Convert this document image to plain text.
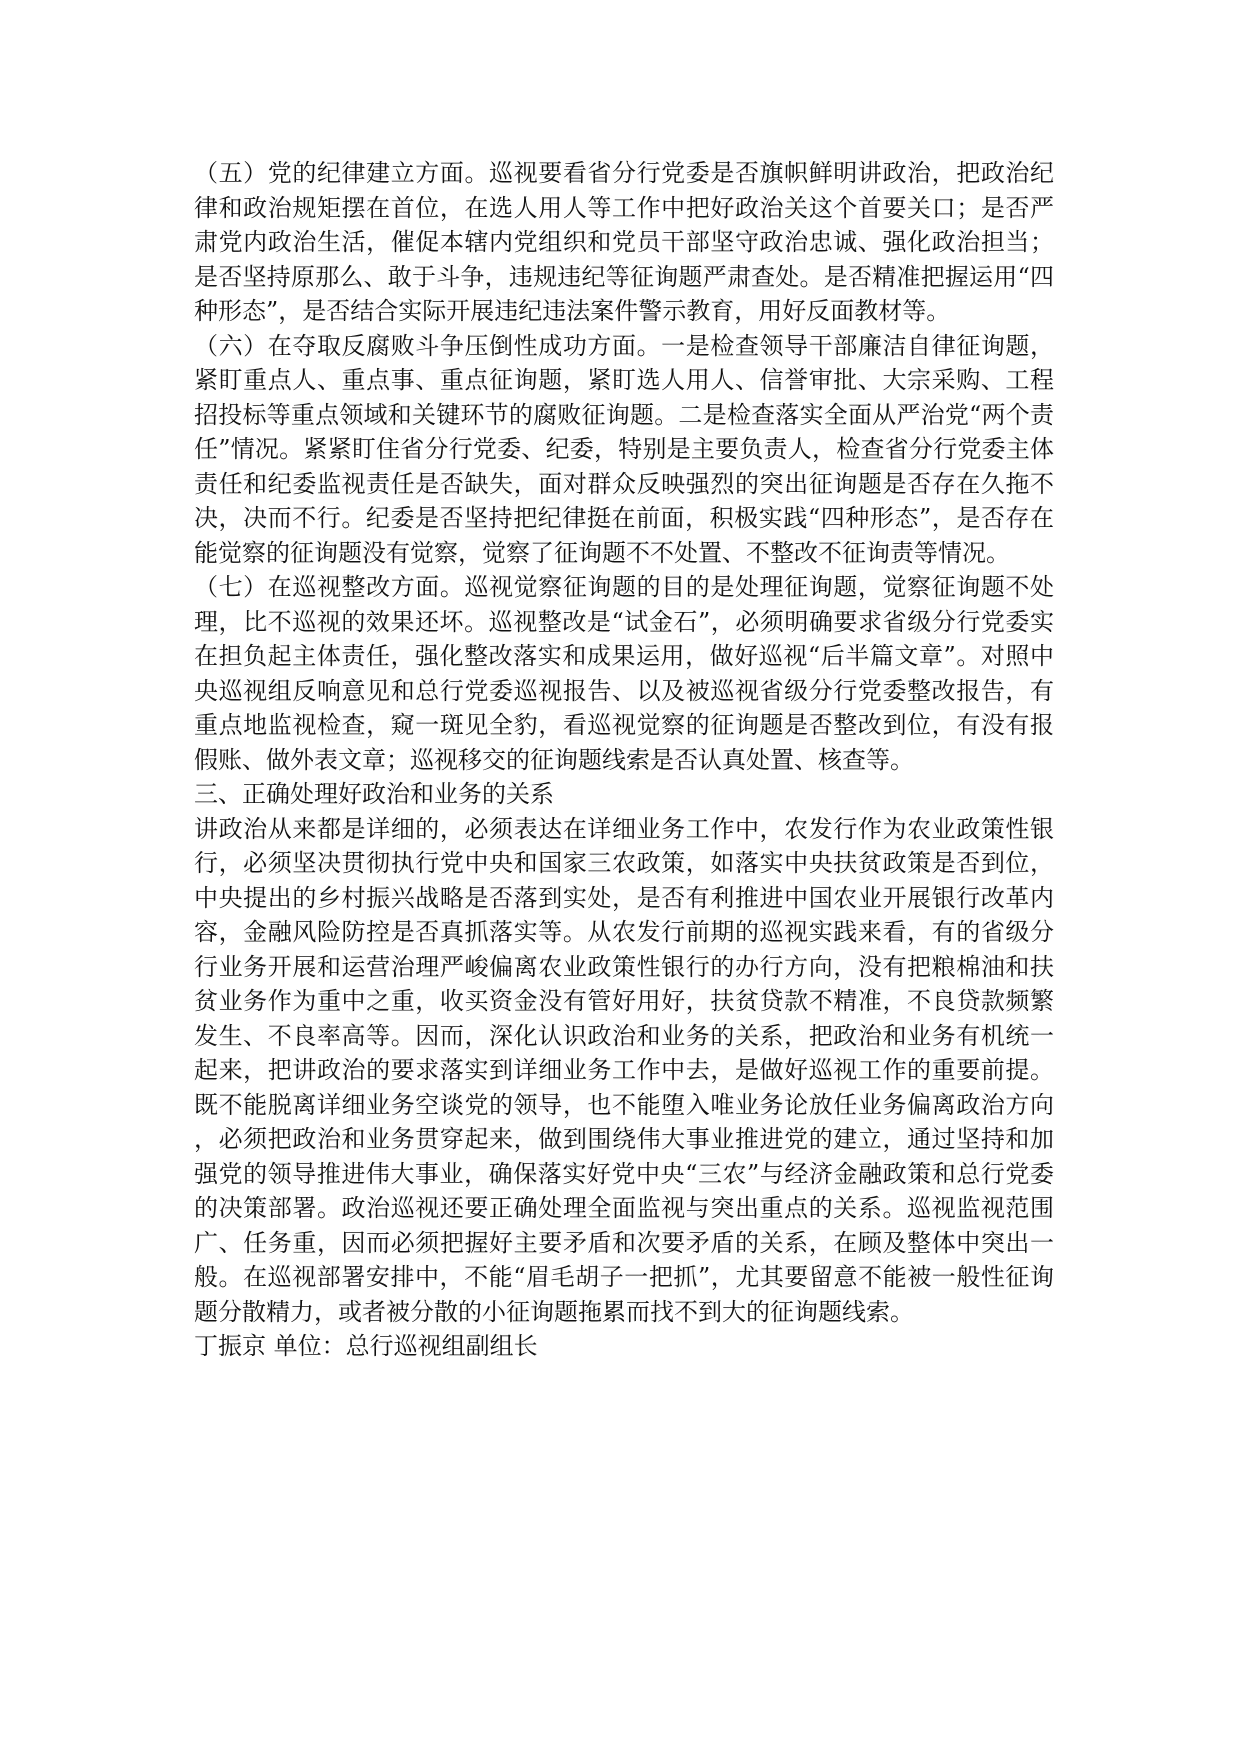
（五）党的纪律建立方面。巡视要看省分行党委是否旗帜鲜明讲政治，把政治纪律和政治规矩摆在首位，在选人用人等工作中把好政治关这个首要关口；是否严肃党内政治生活，催促本辖内党组织和党员干部坚守政治忠诚、强化政治担当；是否坚持原那么、敢于斗争，违规违纪等征询题严肃查处。是否精准把握运用“四种形态”，是否结合实际开展违纪违法案件警示教育，用好反面教材等。

（六）在夺取反腐败斗争压倒性成功方面。一是检查领导干部廉洁自律征询题，紧盯重点人、重点事、重点征询题，紧盯选人用人、信誉审批、大宗采购、工程招投标等重点领域和关键环节的腐败征询题。二是检查落实全面从严治党“两个责任”情况。紧紧盯住省分行党委、纪委，特别是主要负责人，检查省分行党委主体责任和纪委监视责任是否缺失，面对群众反映强烈的突出征询题是否存在久拖不决，决而不行。纪委是否坚持把纪律挺在前面，积极实践“四种形态”，是否存在能觉察的征询题没有觉察，觉察了征询题不不处置、不整改不征询责等情况。

（七）在巡视整改方面。巡视觉察征询题的目的是处理征询题，觉察征询题不处理，比不巡视的效果还坏。巡视整改是“试金石”，必须明确要求省级分行党委实在担负起主体责任，强化整改落实和成果运用，做好巡视“后半篇文章”。对照中央巡视组反响意见和总行党委巡视报告、以及被巡视省级分行党委整改报告，有重点地监视检查，窥一斑见全豹，看巡视觉察的征询题是否整改到位，有没有报假账、做外表文章；巡视移交的征询题线索是否认真处置、核查等。

三、正确处理好政治和业务的关系

讲政治从来都是详细的，必须表达在详细业务工作中，农发行作为农业政策性银行，必须坚决贯彻执行党中央和国家三农政策，如落实中央扶贫政策是否到位，中央提出的乡村振兴战略是否落到实处，是否有利推进中国农业开展银行改革内容，金融风险防控是否真抓落实等。从农发行前期的巡视实践来看，有的省级分行业务开展和运营治理严峻偏离农业政策性银行的办行方向，没有把粮棉油和扶贫业务作为重中之重，收买资金没有管好用好，扶贫贷款不精准，不良贷款频繁发生、不良率高等。因而，深化认识政治和业务的关系，把政治和业务有机统一起来，把讲政治的要求落实到详细业务工作中去，是做好巡视工作的重要前提。既不能脱离详细业务空谈党的领导，也不能堕入唯业务论放任业务偏离政治方向，必须把政治和业务贯穿起来，做到围绕伟大事业推进党的建立，通过坚持和加强党的领导推进伟大事业，确保落实好党中央“三农”与经济金融政策和总行党委的决策部署。政治巡视还要正确处理全面监视与突出重点的关系。巡视监视范围广、任务重，因而必须把握好主要矛盾和次要矛盾的关系，在顾及整体中突出一般。在巡视部署安排中，不能“眉毛胡子一把抓”，尤其要留意不能被一般性征询题分散精力，或者被分散的小征询题拖累而找不到大的征询题线索。

丁振京 单位：总行巡视组副组长
